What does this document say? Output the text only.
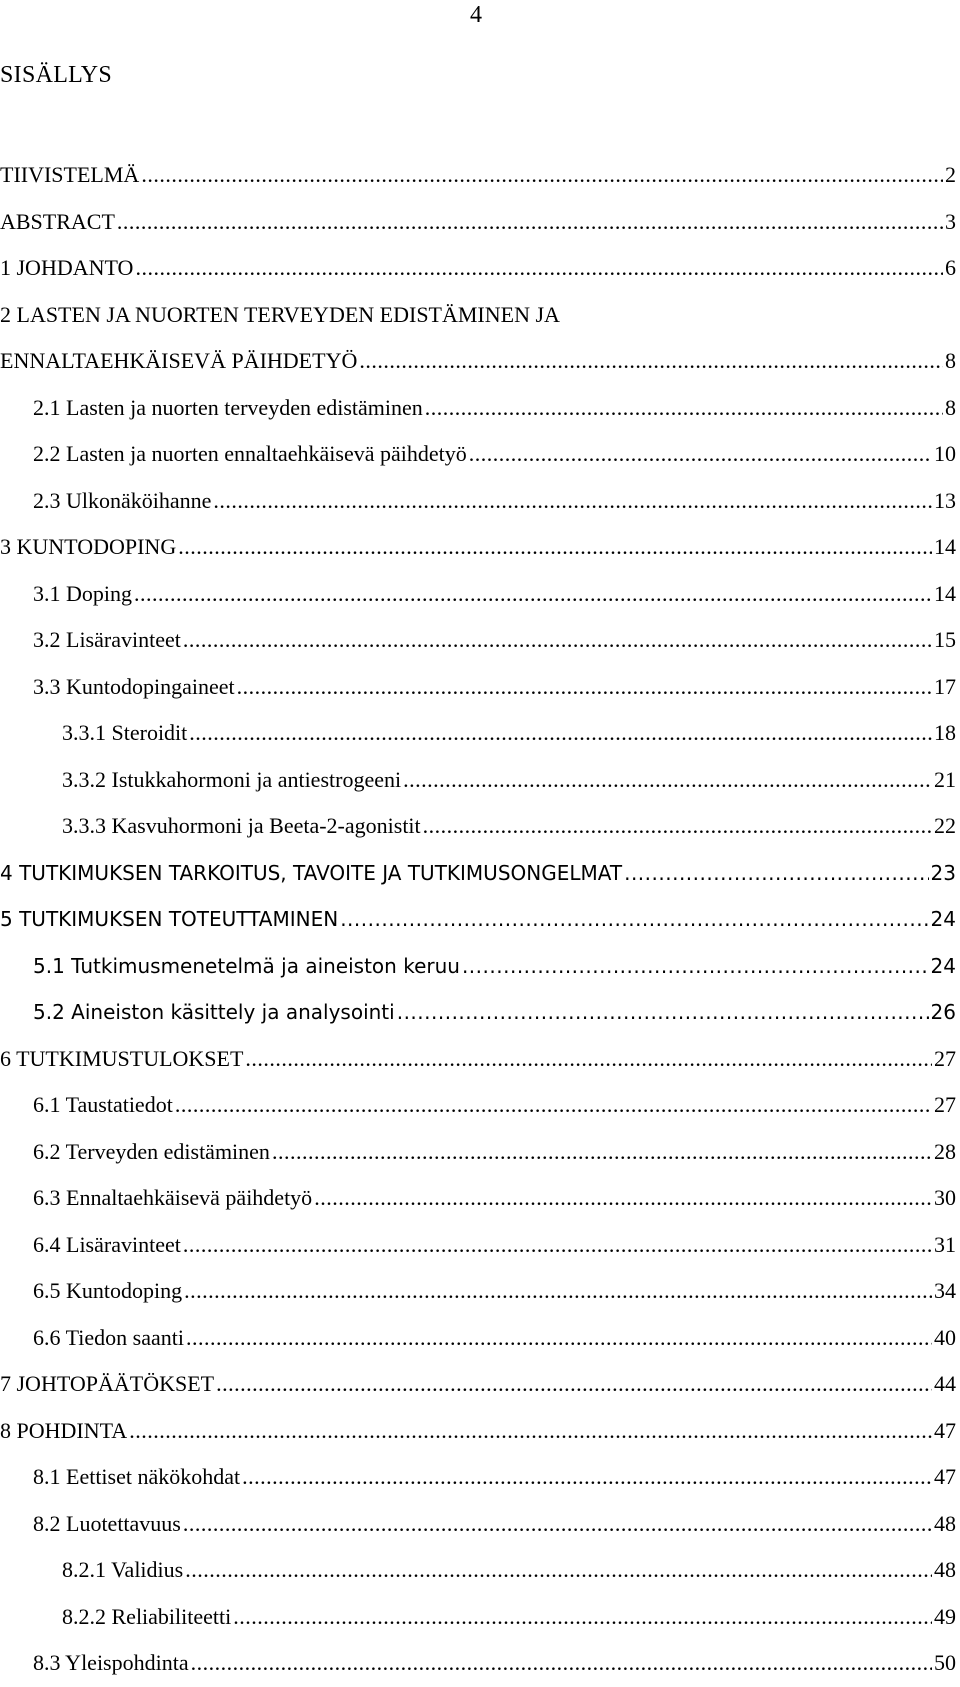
4
SISÄLLYS
TIIVISTELMÄ .....	2
ABSTRACT .....	3
1 JOHDANTO .....	6
2 LASTEN JA NUORTEN TERVEYDEN EDISTÄMINEN JA
ENNALTAEHKÄISEVÄ PÄIHDETYÖ .....	8
2.1 Lasten ja nuorten terveyden edistäminen .....	8
2.2 Lasten ja nuorten ennaltaehkäisevä päihdetyö .....	10
2.3 Ulkonäköihanne .....	13
3 KUNTODOPING .....	14
3.1 Doping .....	14
3.2 Lisäravinteet .....	15
3.3 Kuntodopingaineet .....	17
3.3.1 Steroidit .....	18
3.3.2 Istukkahormoni ja antiestrogeeni .....	21
3.3.3 Kasvuhormoni ja Beeta-2-agonistit .....	22
4 TUTKIMUKSEN TARKOITUS, TAVOITE JA TUTKIMUSONGELMAT .....	23
5 TUTKIMUKSEN TOTEUTTAMINEN .....	24
5.1 Tutkimusmenetelmä ja aineiston keruu .....	24
5.2 Aineiston käsittely ja analysointi .....	26
6 TUTKIMUSTULOKSET .....	27
6.1 Taustatiedot .....	27
6.2 Terveyden edistäminen .....	28
6.3 Ennaltaehkäisevä päihdetyö .....	30
6.4 Lisäravinteet .....	31
6.5 Kuntodoping .....	34
6.6 Tiedon saanti .....	40
7 JOHTOPÄÄTÖKSET .....	44
8 POHDINTA .....	47
8.1 Eettiset näkökohdat .....	47
8.2 Luotettavuus .....	48
8.2.1 Validius .....	48
8.2.2 Reliabiliteetti .....	49
8.3 Yleispohdinta .....	50
